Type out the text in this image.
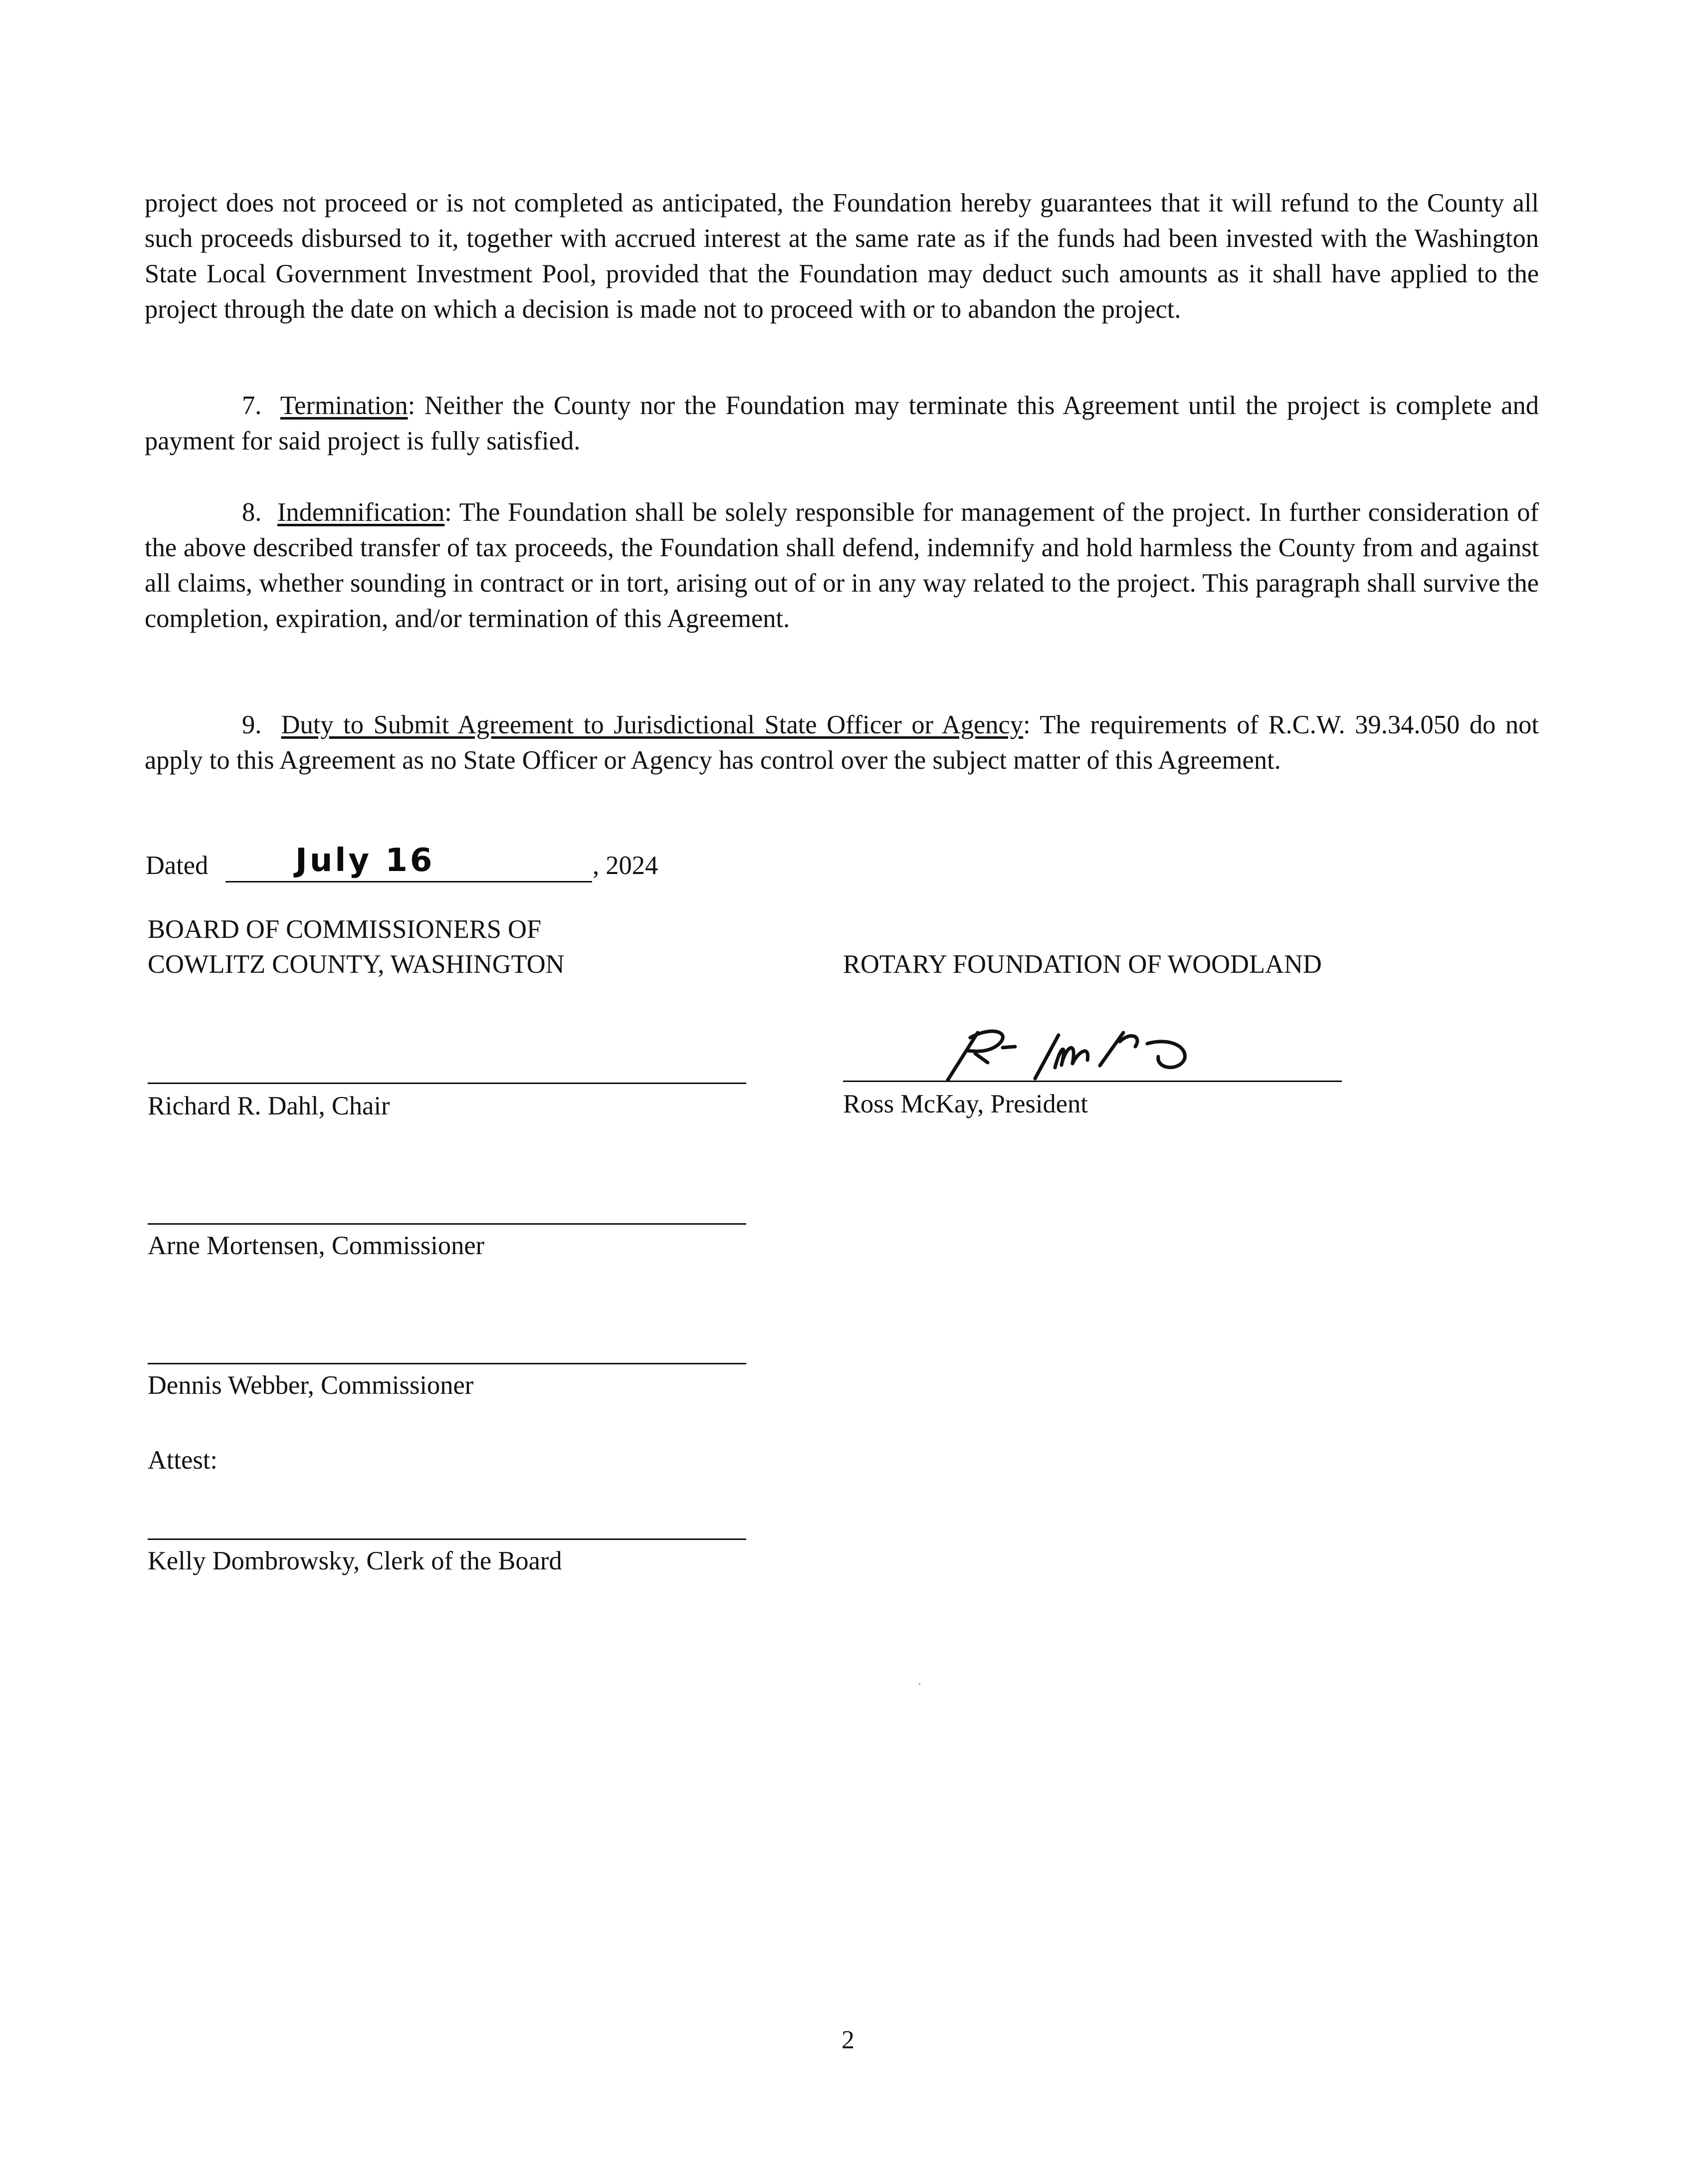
project does not proceed or is not completed as anticipated, the Foundation hereby guarantees that it will refund to the County all such proceeds disbursed to it, together with accrued interest at the same rate as if the funds had been invested with the Washington State Local Government Investment Pool, provided that the Foundation may deduct such amounts as it shall have applied to the project through the date on which a decision is made not to proceed with or to abandon the project.

7. Termination: Neither the County nor the Foundation may terminate this Agreement until the project is complete and payment for said project is fully satisfied.

8. Indemnification: The Foundation shall be solely responsible for management of the project. In further consideration of the above described transfer of tax proceeds, the Foundation shall defend, indemnify and hold harmless the County from and against all claims, whether sounding in contract or in tort, arising out of or in any way related to the project. This paragraph shall survive the completion, expiration, and/or termination of this Agreement.

9. Duty to Submit Agreement to Jurisdictional State Officer or Agency: The requirements of R.C.W. 39.34.050 do not apply to this Agreement as no State Officer or Agency has control over the subject matter of this Agreement.

Dated	July 16	, 2024
BOARD OF COMMISSIONERS OF
COWLITZ COUNTY, WASHINGTON	ROTARY FOUNDATION OF WOODLAND
Richard R. Dahl, Chair	Ross McKay, President
Arne Mortensen, Commissioner
Dennis Webber, Commissioner
Attest:
Kelly Dombrowsky, Clerk of the Board
2
